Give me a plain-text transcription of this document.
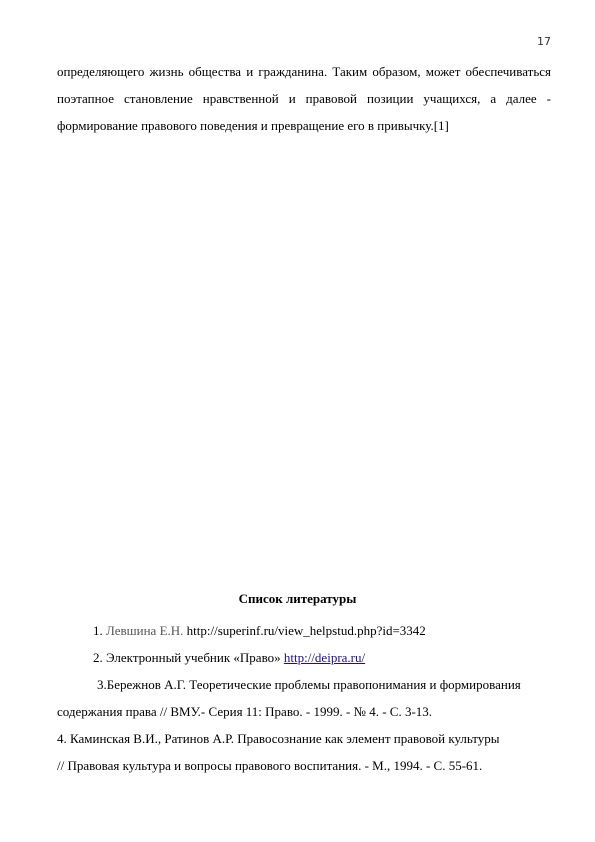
17

определяющего жизнь общества и гражданина. Таким образом, может обеспечиваться поэтапное становление нравственной и правовой позиции учащихся, а далее - формирование правового поведения и превращение его в привычку.[1]

Список литературы

1. Левшина Е.Н. http://superinf.ru/view_helpstud.php?id=3342

2. Электронный учебник «Право» http://deipra.ru/

3.Бережнов А.Г. Теоретические проблемы правопонимания и формирования

содержания права // ВМУ.- Серия 11: Право. - 1999. - № 4. - С. 3-13.

4. Каминская В.И., Ратинов А.Р. Правосознание как элемент правовой культуры

// Правовая культура и вопросы правового воспитания. - М., 1994. - С. 55-61.
